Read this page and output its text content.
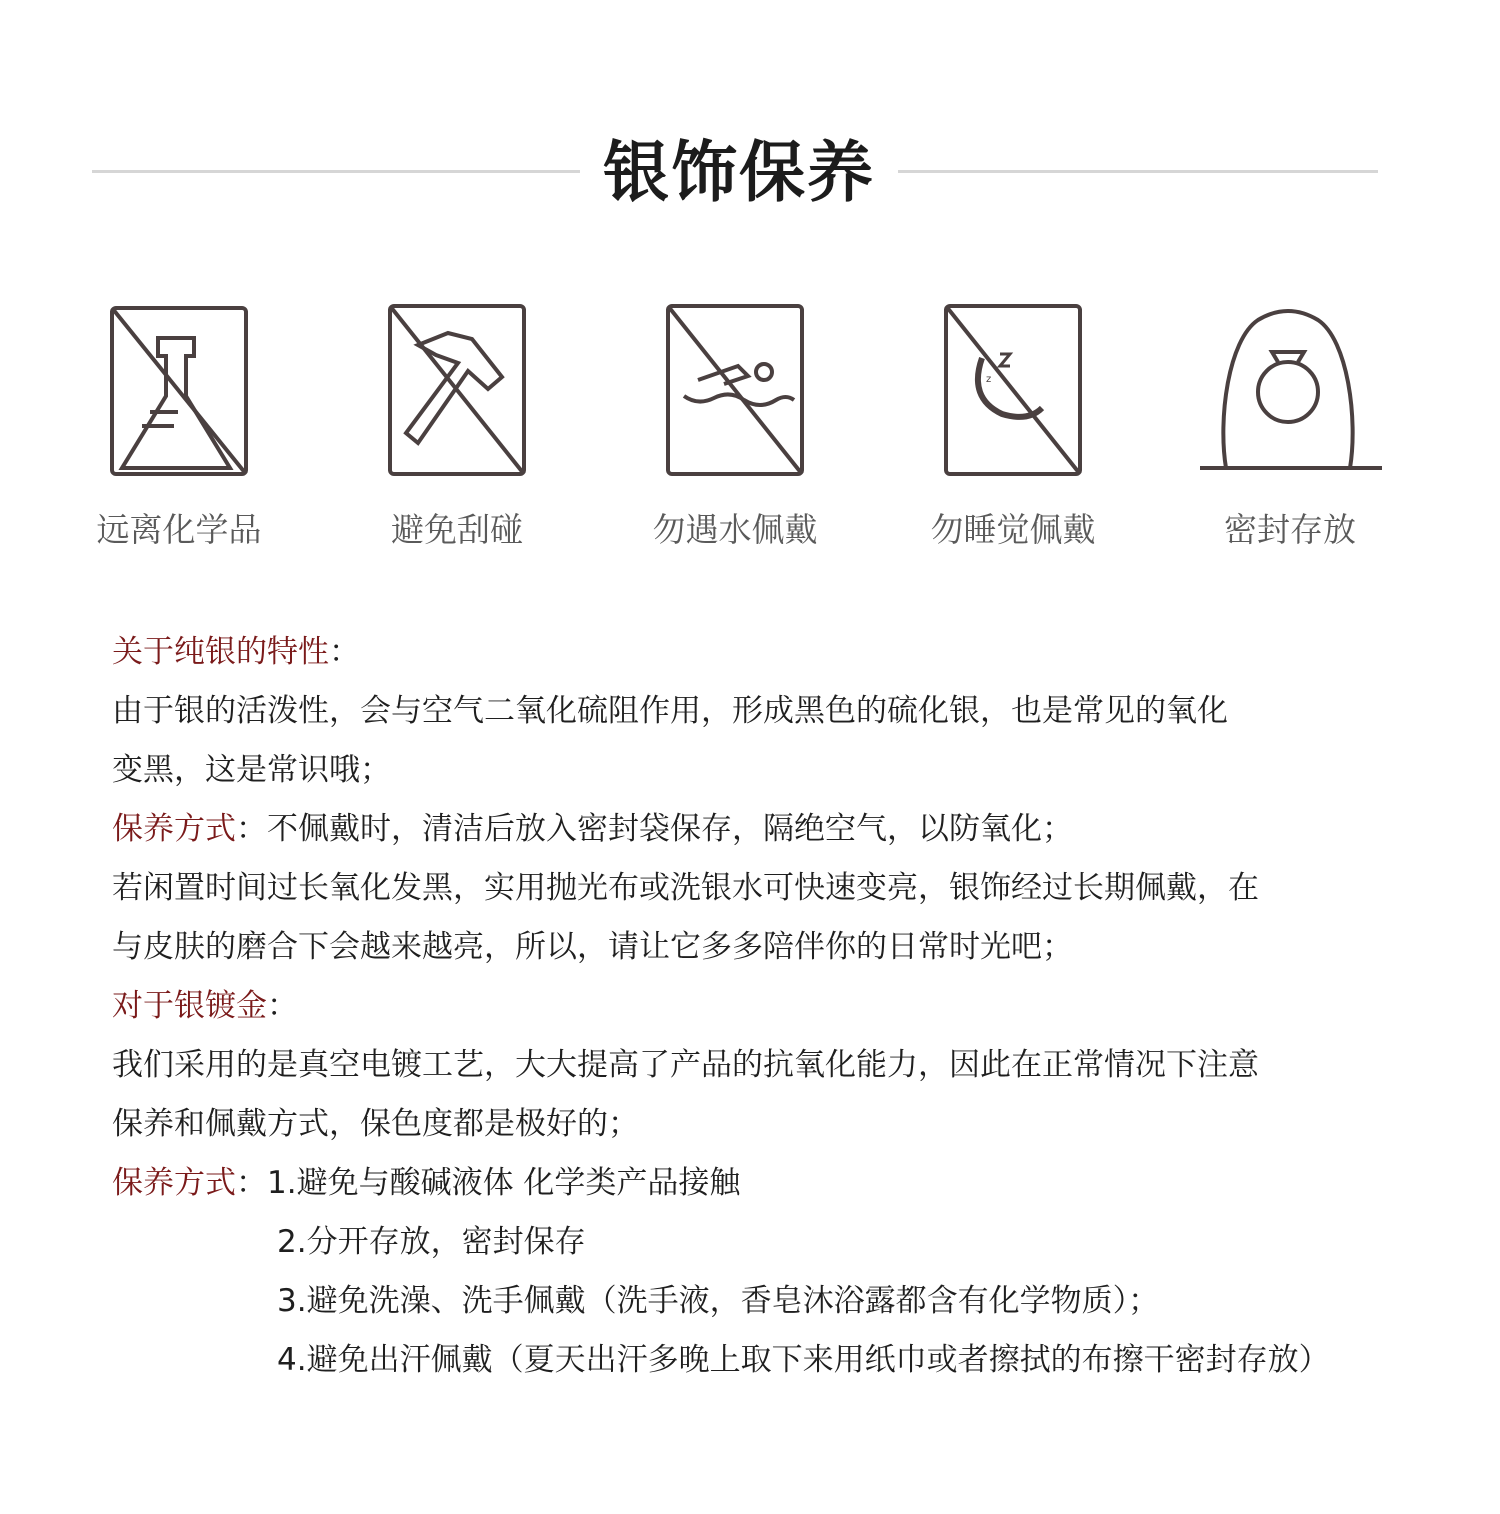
银饰保养
远离化学品	避免刮碰	勿遇水佩戴
z
勿睡觉佩戴	密封存放
关于纯银的特性：
由于银的活泼性，会与空气二氧化硫阻作用，形成黑色的硫化银，也是常见的氧化
变黑，这是常识哦；
保养方式：不佩戴时，清洁后放入密封袋保存，隔绝空气，以防氧化；
若闲置时间过长氧化发黑，实用抛光布或洗银水可快速变亮，银饰经过长期佩戴，在
与皮肤的磨合下会越来越亮，所以，请让它多多陪伴你的日常时光吧；
对于银镀金：
我们采用的是真空电镀工艺，大大提高了产品的抗氧化能力，因此在正常情况下注意
保养和佩戴方式，保色度都是极好的；
保养方式：1.避免与酸碱液体 化学类产品接触
2.分开存放，密封保存
3.避免洗澡、洗手佩戴（洗手液，香皂沐浴露都含有化学物质）；
4.避免出汗佩戴（夏天出汗多晚上取下来用纸巾或者擦拭的布擦干密封存放）
